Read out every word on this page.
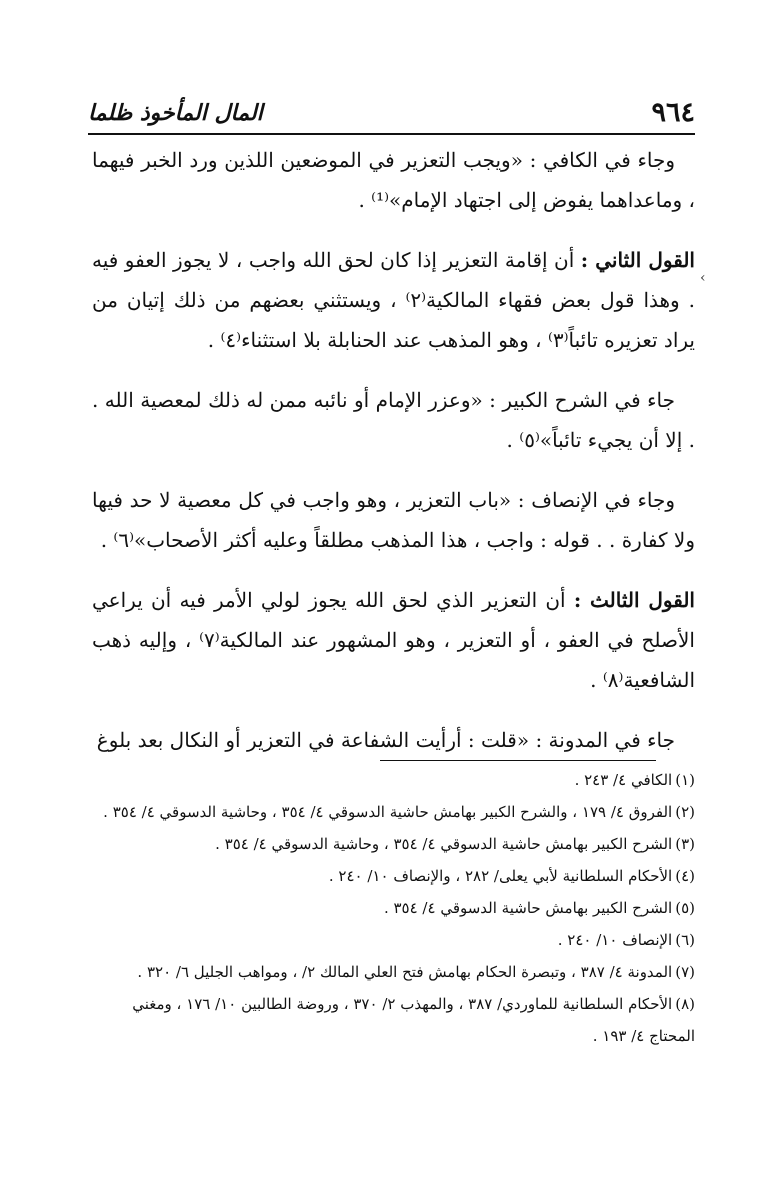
٩٦٤
المال المأخوذ ظلما
‹

وجاء في الكافي : «ويجب التعزير في الموضعين اللذين ورد الخبر فيهما ، وماعداهما يفوض إلى اجتهاد الإمام»⁽¹⁾ .

القول الثاني : أن إقامة التعزير إذا كان لحق الله واجب ، لا يجوز العفو فيه . وهذا قول بعض فقهاء المالكية⁽٢⁾ ، ويستثني بعضهم من ذلك إتيان من يراد تعزيره تائباً⁽٣⁾ ، وهو المذهب عند الحنابلة بلا استثناء⁽٤⁾ .

جاء في الشرح الكبير : «وعزر الإمام أو نائبه ممن له ذلك لمعصية الله . . إلا أن يجيء تائباً»⁽٥⁾ .

وجاء في الإنصاف : «باب التعزير ، وهو واجب في كل معصية لا حد فيها ولا كفارة . . قوله : واجب ، هذا المذهب مطلقاً وعليه أكثر الأصحاب»⁽٦⁾ .

القول الثالث : أن التعزير الذي لحق الله يجوز لولي الأمر فيه أن يراعي الأصلح في العفو ، أو التعزير ، وهو المشهور عند المالكية⁽٧⁾ ، وإليه ذهب الشافعية⁽٨⁾ .

جاء في المدونة : «قلت : أرأيت الشفاعة في التعزير أو النكال بعد بلوغ

(١)الكافي ٤/ ٢٤٣ .

(٢)الفروق ٤/ ١٧٩ ، والشرح الكبير بهامش حاشية الدسوقي ٤/ ٣٥٤ ، وحاشية الدسوقي ٤/ ٣٥٤ .

(٣)الشرح الكبير بهامش حاشية الدسوقي ٤/ ٣٥٤ ، وحاشية الدسوقي ٤/ ٣٥٤ .

(٤)الأحكام السلطانية لأبي يعلى/ ٢٨٢ ، والإنصاف ١٠/ ٢٤٠ .

(٥)الشرح الكبير بهامش حاشية الدسوقي ٤/ ٣٥٤ .

(٦)الإنصاف ١٠/ ٢٤٠ .

(٧)المدونة ٤/ ٣٨٧ ، وتبصرة الحكام بهامش فتح العلي المالك ٢/ ، ومواهب الجليل ٦/ ٣٢٠ .

(٨)الأحكام السلطانية للماوردي/ ٣٨٧ ، والمهذب ٢/ ٣٧٠ ، وروضة الطالبين ١٠/ ١٧٦ ، ومغني المحتاج ٤/ ١٩٣ .
